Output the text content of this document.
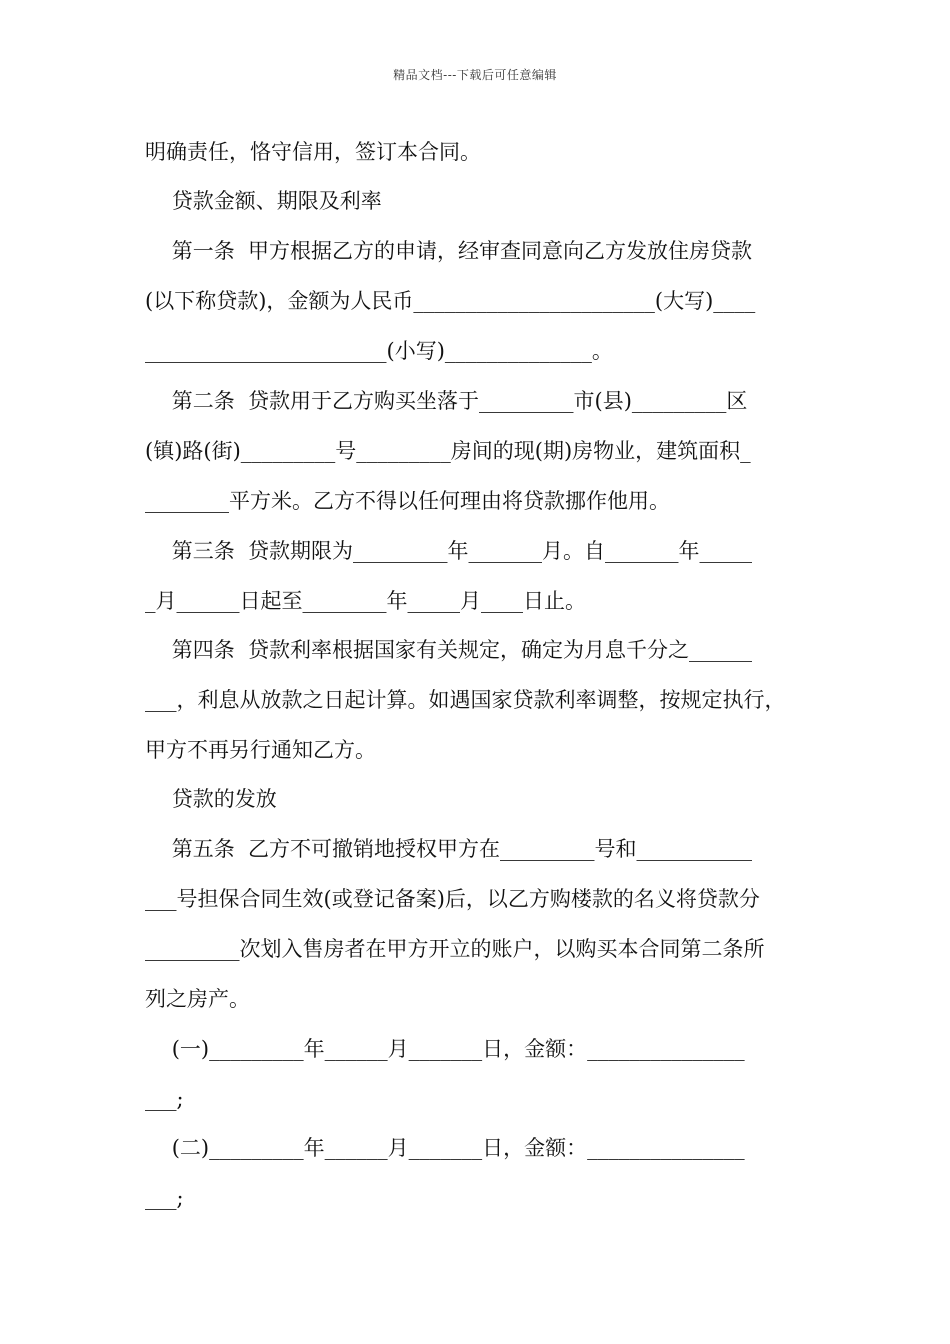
精品文档---下载后可任意编辑
明确责任，恪守信用，签订本合同。
贷款金额、期限及利率
第一条  甲方根据乙方的申请，经审查同意向乙方发放住房贷款
(以下称贷款)，金额为人民币_______________________(大写)____
_______________________(小写)______________。
第二条  贷款用于乙方购买坐落于_________市(县)_________区
(镇)路(街)_________号_________房间的现(期)房物业，建筑面积_
________平方米。乙方不得以任何理由将贷款挪作他用。
第三条  贷款期限为_________年_______月。自_______年_____
_月______日起至________年_____月____日止。
第四条  贷款利率根据国家有关规定，确定为月息千分之______
___，利息从放款之日起计算。如遇国家贷款利率调整，按规定执行，
甲方不再另行通知乙方。
贷款的发放
第五条  乙方不可撤销地授权甲方在_________号和___________
___号担保合同生效(或登记备案)后，以乙方购楼款的名义将贷款分
_________次划入售房者在甲方开立的账户，以购买本合同第二条所
列之房产。
(一)_________年______月_______日，金额：_______________
___;
(二)_________年______月_______日，金额：_______________
___;
